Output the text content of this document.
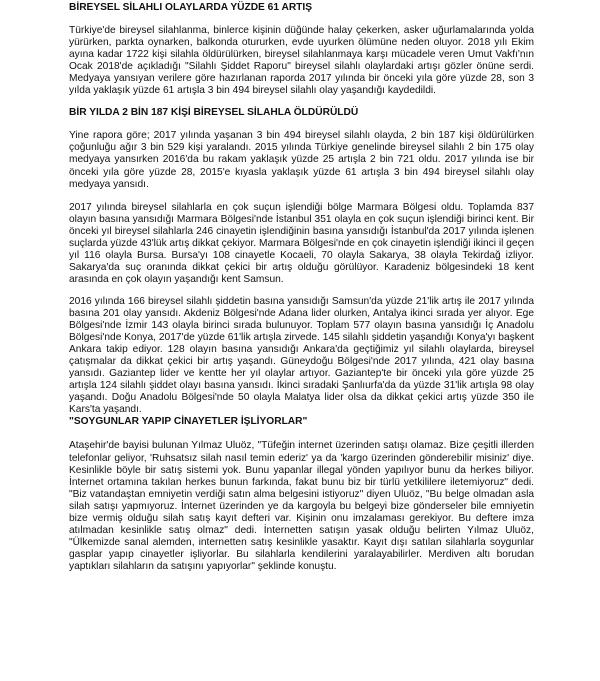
BİREYSEL SİLAHLI OLAYLARDA YÜZDE 61 ARTIŞ

Türkiye'de bireysel silahlanma, binlerce kişinin düğünde halay çekerken, asker uğurlamalarında yolda yürürken, parkta oynarken, balkonda otururken, evde uyurken ölümüne neden oluyor. 2018 yılı Ekim ayına kadar 1722 kişi silahla öldürülürken, bireysel silahlanmaya karşı mücadele veren Umut Vakfı'nın Ocak 2018'de açıkladığı "Silahlı Şiddet Raporu" bireysel silahlı olaylardaki artışı gözler önüne serdi. Medyaya yansıyan verilere göre hazırlanan raporda 2017 yılında bir önceki yıla göre yüzde 28, son 3 yılda yaklaşık yüzde 61 artışla 3 bin 494 bireysel silahlı olay yaşandığı kaydedildi.

BİR YILDA 2 BİN 187 KİŞİ BİREYSEL SİLAHLA ÖLDÜRÜLDÜ

Yine rapora göre; 2017 yılında yaşanan 3 bin 494 bireysel silahlı olayda, 2 bin 187 kişi öldürülürken çoğunluğu ağır 3 bin 529 kişi yaralandı. 2015 yılında Türkiye genelinde bireysel silahlı 2 bin 175 olay medyaya yansırken 2016'da bu rakam yaklaşık yüzde 25 artışla 2 bin 721 oldu. 2017 yılında ise bir önceki yıla göre yüzde 28, 2015'e kıyasla yaklaşık yüzde 61 artışla 3 bin 494 bireysel silahlı olay medyaya yansıdı.

2017 yılında bireysel silahlarla en çok suçun işlendiği bölge Marmara Bölgesi oldu. Toplamda 837 olayın basına yansıdığı Marmara Bölgesi'nde İstanbul 351 olayla en çok suçun işlendiği birinci kent. Bir önceki yıl bireysel silahlarla 246 cinayetin işlendiğinin basına yansıdığı İstanbul'da 2017 yılında işlenen suçlarda yüzde 43'lük artış dikkat çekiyor. Marmara Bölgesi'nde en çok cinayetin işlendiği ikinci il geçen yıl 116 olayla Bursa. Bursa'yı 108 cinayetle Kocaeli, 70 olayla Sakarya, 38 olayla Tekirdağ izliyor. Sakarya'da suç oranında dikkat çekici bir artış olduğu görülüyor. Karadeniz bölgesindeki 18 kent arasında en çok olayın yaşandığı kent Samsun.

2016 yılında 166 bireysel silahlı şiddetin basına yansıdığı Samsun'da yüzde 21'lik artış ile 2017 yılında basına 201 olay yansıdı. Akdeniz Bölgesi'nde Adana lider olurken, Antalya ikinci sırada yer alıyor. Ege Bölgesi'nde İzmir 143 olayla birinci sırada bulunuyor. Toplam 577 olayın basına yansıdığı İç Anadolu Bölgesi'nde Konya, 2017'de yüzde 61'lik artışla zirvede. 145 silahlı şiddetin yaşandığı Konya'yı başkent Ankara takip ediyor. 128 olayın basına yansıdığı Ankara'da geçtiğimiz yıl silahlı olaylarda, bireysel çatışmalar da dikkat çekici bir artış yaşandı. Güneydoğu Bölgesi'nde 2017 yılında, 421 olay basına yansıdı. Gaziantep lider ve kentte her yıl olaylar artıyor. Gaziantep'te bir önceki yıla göre yüzde 25 artışla 124 silahlı şiddet olayı basına yansıdı. İkinci sıradaki Şanlıurfa'da da yüzde 31'lik artışla 98 olay yaşandı. Doğu Anadolu Bölgesi'nde 50 olayla Malatya lider olsa da dikkat çekici artış yüzde 350 ile Kars'ta yaşandı.

"SOYGUNLAR YAPIP CİNAYETLER İŞLİYORLAR"

Ataşehir'de bayisi bulunan Yılmaz Uluöz, "Tüfeğin internet üzerinden satışı olamaz. Bize çeşitli illerden telefonlar geliyor, 'Ruhsatsız silah nasıl temin ederiz' ya da 'kargo üzerinden gönderebilir misiniz' diye. Kesinlikle böyle bir satış sistemi yok. Bunu yapanlar illegal yönden yapılıyor bunu da herkes biliyor. İnternet ortamına takılan herkes bunun farkında, fakat bunu biz bir türlü yetkililere iletemiyoruz" dedi. "Biz vatandaştan emniyetin verdiği satın alma belgesini istiyoruz" diyen Uluöz, "Bu belge olmadan asla silah satışı yapmıyoruz. İnternet üzerinden ye da kargoyla bu belgeyi bize gönderseler bile emniyetin bize vermiş olduğu silah satış kayıt defteri var. Kişinin onu imzalaması gerekiyor. Bu deftere imza atılmadan kesinlikle satış olmaz" dedi. İnternetten satışın yasak olduğu belirten Yılmaz Uluöz, "Ülkemizde sanal alemden, internetten satış kesinlikle yasaktır. Kayıt dışı satılan silahlarla soygunlar gasplar yapıp cinayetler işliyorlar. Bu silahlarla kendilerini yaralayabilirler. Merdiven altı borudan yaptıkları silahların da satışını yapıyorlar" şeklinde konuştu.
